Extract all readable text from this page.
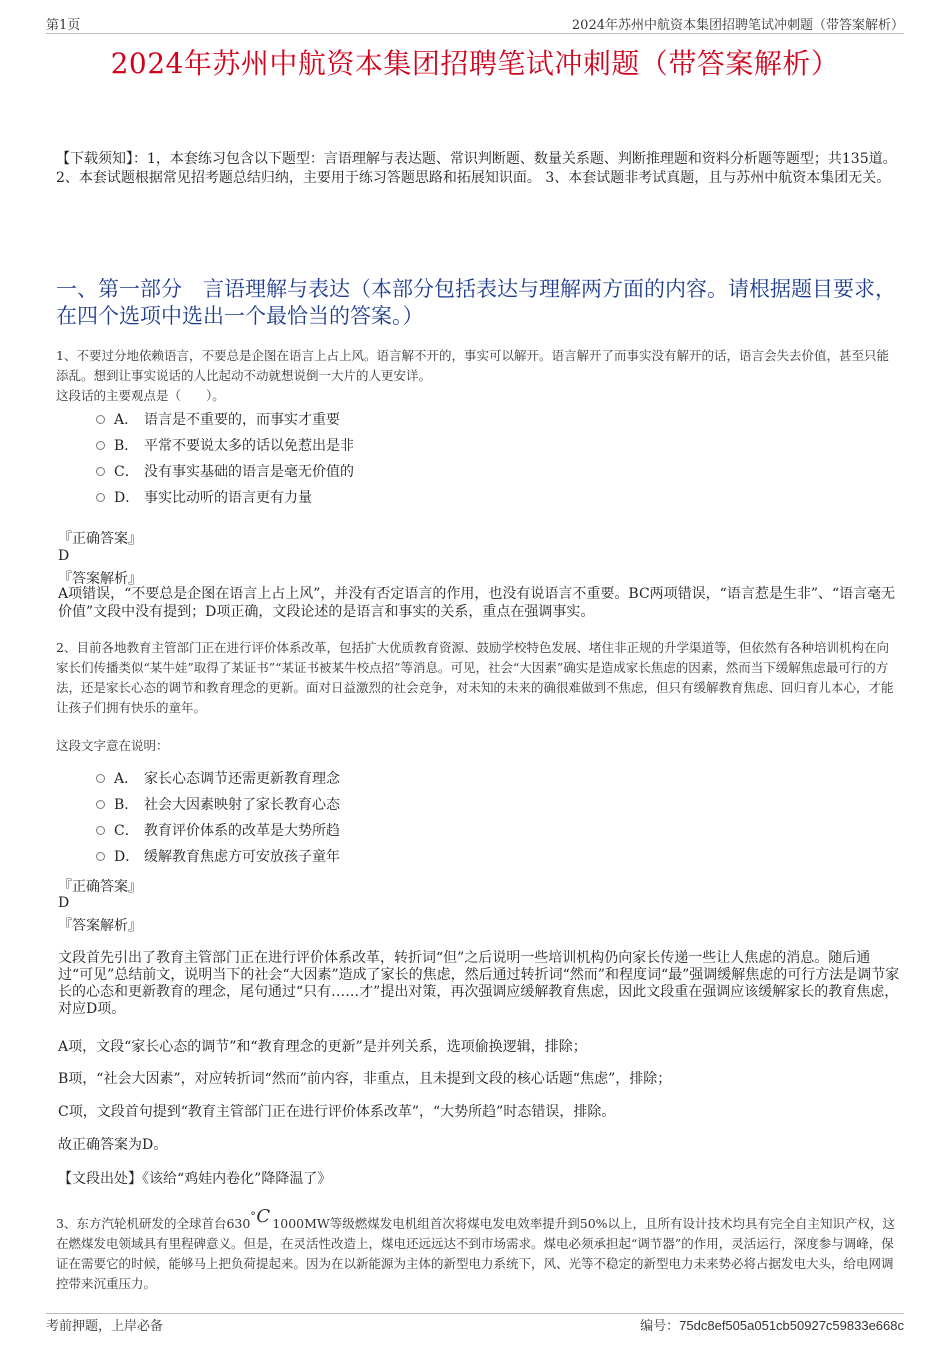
第1页	2024年苏州中航资本集团招聘笔试冲刺题（带答案解析）
2024年苏州中航资本集团招聘笔试冲刺题（带答案解析）
【下载须知】：1，本套练习包含以下题型：言语理解与表达题、常识判断题、数量关系题、判断推理题和资料分析题等题型；共135道。 2、本套试题根据常见招考题总结归纳，主要用于练习答题思路和拓展知识面。 3、本套试题非考试真题，且与苏州中航资本集团无关。
一、第一部分　言语理解与表达（本部分包括表达与理解两方面的内容。请根据题目要求，在四个选项中选出一个最恰当的答案。）
1、不要过分地依赖语言，不要总是企图在语言上占上风。语言解不开的，事实可以解开。语言解开了而事实没有解开的话，语言会失去价值，甚至只能添乱。想到让事实说话的人比起动不动就想说倒一大片的人更安详。
这段话的主要观点是（　　）。
A． 语言是不重要的，而事实才重要
B． 平常不要说太多的话以免惹出是非
C． 没有事实基础的语言是毫无价值的
D． 事实比动听的语言更有力量
『正确答案』
D
『答案解析』
A项错误，“不要总是企图在语言上占上风”，并没有否定语言的作用，也没有说语言不重要。BC两项错误，“语言惹是生非”、“语言毫无价值”文段中没有提到；D项正确，文段论述的是语言和事实的关系，重点在强调事实。
2、目前各地教育主管部门正在进行评价体系改革，包括扩大优质教育资源、鼓励学校特色发展、堵住非正规的升学渠道等，但依然有各种培训机构在向家长们传播类似“某牛娃”取得了某证书”“某证书被某牛校点招”等消息。可见，社会“大因素”确实是造成家长焦虑的因素，然而当下缓解焦虑最可行的方法，还是家长心态的调节和教育理念的更新。面对日益激烈的社会竞争，对未知的未来的确很难做到不焦虑，但只有缓解教育焦虑、回归育儿本心，才能让孩子们拥有快乐的童年。
这段文字意在说明：
A． 家长心态调节还需更新教育理念
B． 社会大因素映射了家长教育心态
C． 教育评价体系的改革是大势所趋
D． 缓解教育焦虑方可安放孩子童年
『正确答案』
D
『答案解析』
文段首先引出了教育主管部门正在进行评价体系改革，转折词“但”之后说明一些培训机构仍向家长传递一些让人焦虑的消息。随后通过“可见”总结前文，说明当下的社会“大因素”造成了家长的焦虑，然后通过转折词“然而”和程度词“最”强调缓解焦虑的可行方法是调节家长的心态和更新教育的理念，尾句通过“只有……才”提出对策，再次强调应缓解教育焦虑，因此文段重在强调应该缓解家长的教育焦虑，对应D项。
A项，文段“家长心态的调节”和“教育理念的更新”是并列关系，选项偷换逻辑，排除；
B项，“社会大因素”，对应转折词“然而”前内容，非重点，且未提到文段的核心话题“焦虑”，排除；
C项，文段首句提到“教育主管部门正在进行评价体系改革”，“大势所趋”时态错误，排除。
故正确答案为D。
【文段出处】《该给“鸡娃内卷化”降降温了》
3、东方汽轮机研发的全球首台630 ° C 1000MW等级燃煤发电机组首次将煤电发电效率提升到50%以上，且所有设计技术均具有完全自主知识产权，这在燃煤发电领域具有里程碑意义。但是，在灵活性改造上，煤电还远远达不到市场需求。煤电必须承担起“调节器”的作用，灵活运行，深度参与调峰，保证在需要它的时候，能够马上把负荷提起来。因为在以新能源为主体的新型电力系统下，风、光等不稳定的新型电力未来势必将占据发电大头，给电网调控带来沉重压力。
考前押题，上岸必备	编号：75dc8ef505a051cb50927c59833e668c
